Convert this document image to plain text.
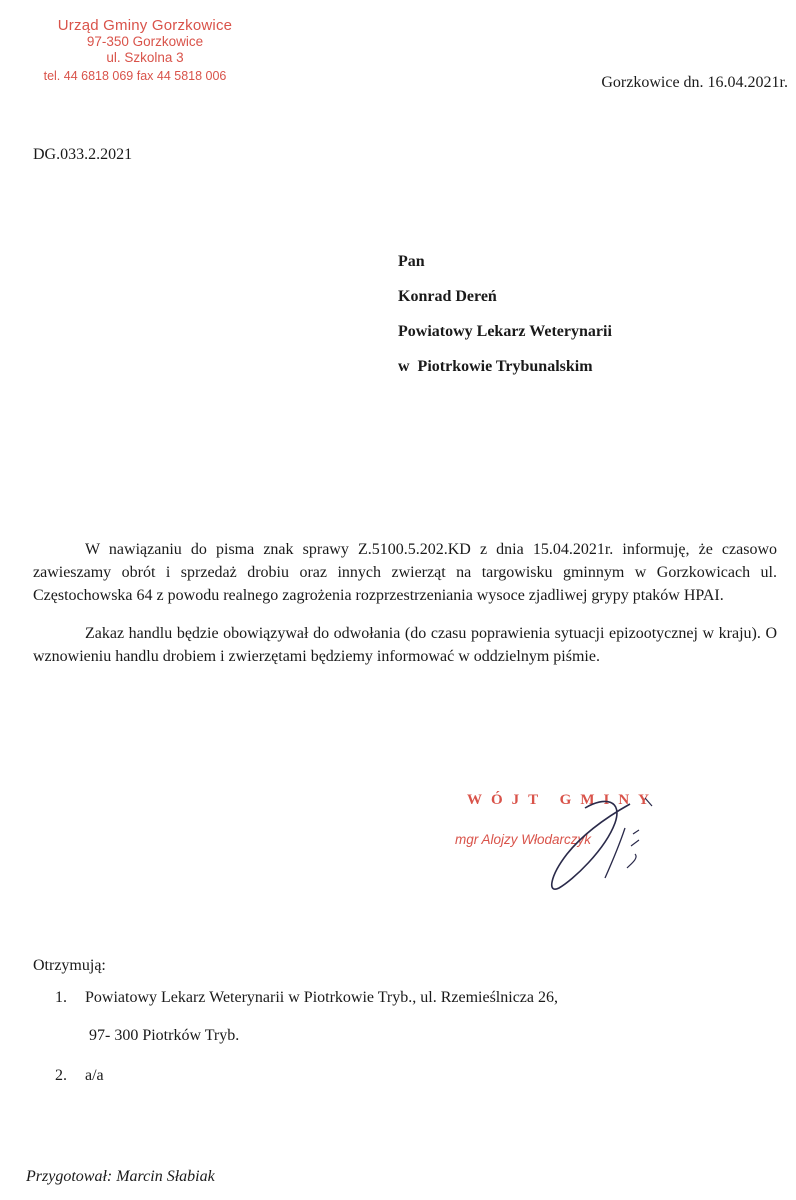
Urząd Gminy Gorzkowice
97-350 Gorzkowice
ul. Szkolna 3
tel. 44 6818 069 fax 44 5818 006	Gorzkowice dn. 16.04.2021r.
DG.033.2.2021
Pan
Konrad Dereń
Powiatowy Lekarz Weterynarii
w  Piotrkowie Trybunalskim

W nawiązaniu do pisma znak sprawy Z.5100.5.202.KD z dnia 15.04.2021r. informuję, że czasowo zawieszamy obrót i sprzedaż drobiu oraz innych zwierząt na targowisku gminnym w Gorzkowicach ul. Częstochowska 64 z powodu realnego zagrożenia rozprzestrzeniania wysoce zjadliwej grypy ptaków HPAI.

Zakaz handlu będzie obowiązywał do odwołania (do czasu poprawienia sytuacji epizootycznej w kraju). O wznowieniu handlu drobiem i zwierzętami będziemy informować w oddzielnym piśmie.

WÓJT GMINY
mgr Alojzy Włodarczyk
Otrzymują:
1.	Powiatowy Lekarz Weterynarii w Piotrkowie Tryb., ul. Rzemieślnicza 26,
97- 300 Piotrków Tryb.
2.	a/a
Przygotował: Marcin Słabiak
